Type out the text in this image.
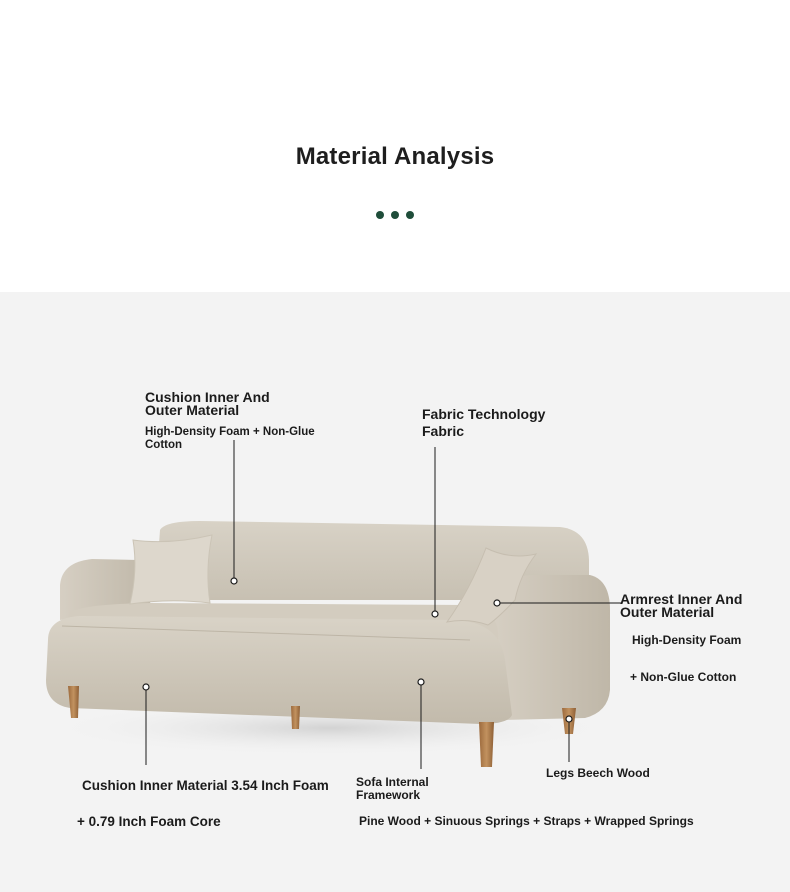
Material Analysis
Cushion Inner And
Outer Material
High-Density Foam + Non-Glue
Cotton
Fabric Technology
Fabric
Armrest Inner And
Outer Material
High-Density Foam
+ Non-Glue Cotton
Cushion Inner Material 3.54 Inch Foam
+ 0.79 Inch Foam Core
Sofa Internal
Framework
Pine Wood + Sinuous Springs + Straps + Wrapped Springs
Legs Beech Wood
